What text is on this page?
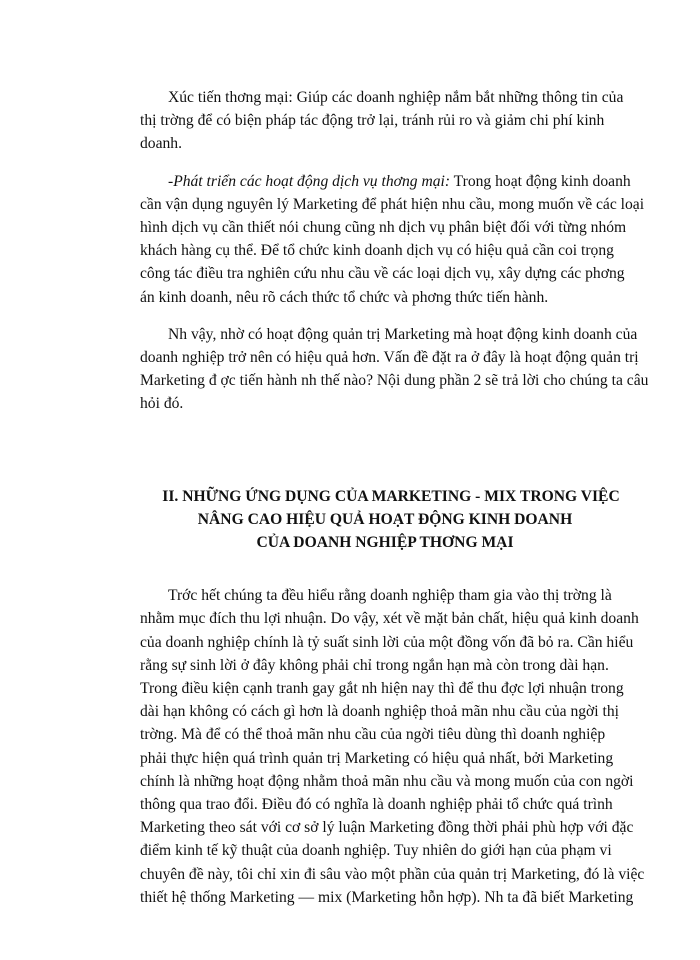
Xúc tiến thơng mại: Giúp các doanh nghiệp nắm bắt những thông tin của
thị trờng để có biện pháp tác động trở lại, tránh rủi ro và giảm chi phí kinh
doanh.

-Phát triển các hoạt động dịch vụ thơng mại: Trong hoạt động kinh doanh
cần vận dụng nguyên lý Marketing để phát hiện nhu cầu, mong muốn về các loại
hình dịch vụ cần thiết nói chung cũng nh dịch vụ phân biệt đối với từng nhóm
khách hàng cụ thể. Để tổ chức kinh doanh dịch vụ có hiệu quả cần coi trọng
công tác điều tra nghiên cứu nhu cầu về các loại dịch vụ, xây dựng các phơng
án kinh doanh, nêu rõ cách thức tổ chức và phơng thức tiến hành.

Nh vậy, nhờ có hoạt động quản trị Marketing mà hoạt động kinh doanh của
doanh nghiệp trở nên có hiệu quả hơn. Vấn đề đặt ra ở đây là hoạt động quản trị
Marketing đ ợc tiến hành nh thế nào? Nội dung phần 2 sẽ trả lời cho chúng ta câu
hỏi đó.

II. NHỮNG ỨNG DỤNG CỦA MARKETING - MIX TRONG VIỆC
NÂNG CAO HIỆU QUẢ HOẠT ĐỘNG KINH DOANH
CỦA DOANH NGHIỆP THƠNG MẠI

Trớc hết chúng ta đều hiểu rằng doanh nghiệp tham gia vào thị trờng là
nhằm mục đích thu lợi nhuận. Do vậy, xét về mặt bản chất, hiệu quả kinh doanh
của doanh nghiệp chính là tỷ suất sinh lời của một đồng vốn đã bỏ ra. Cần hiểu
rằng sự sinh lời ở đây không phải chỉ trong ngắn hạn mà còn trong dài hạn.
Trong điều kiện cạnh tranh gay gắt nh hiện nay thì để thu đợc lợi nhuận trong
dài hạn không có cách gì hơn là doanh nghiệp thoả mãn nhu cầu của ngời thị
trờng. Mà để có thể thoả mãn nhu cầu của ngời tiêu dùng thì doanh nghiệp
phải thực hiện quá trình quản trị Marketing có hiệu quả nhất, bởi Marketing
chính là những hoạt động nhằm thoả mãn nhu cầu và mong muốn của con ngời
thông qua trao đổi. Điều đó có nghĩa là doanh nghiệp phải tổ chức quá trình
Marketing theo sát với cơ sở lý luận Marketing đồng thời phải phù hợp với đặc
điểm kinh tế kỹ thuật của doanh nghiệp. Tuy nhiên do giới hạn của phạm vi
chuyên đề này, tôi chỉ xin đi sâu vào một phần của quản trị Marketing, đó là việc
thiết hệ thống Marketing — mix (Marketing hỗn hợp). Nh ta đã biết Marketing
